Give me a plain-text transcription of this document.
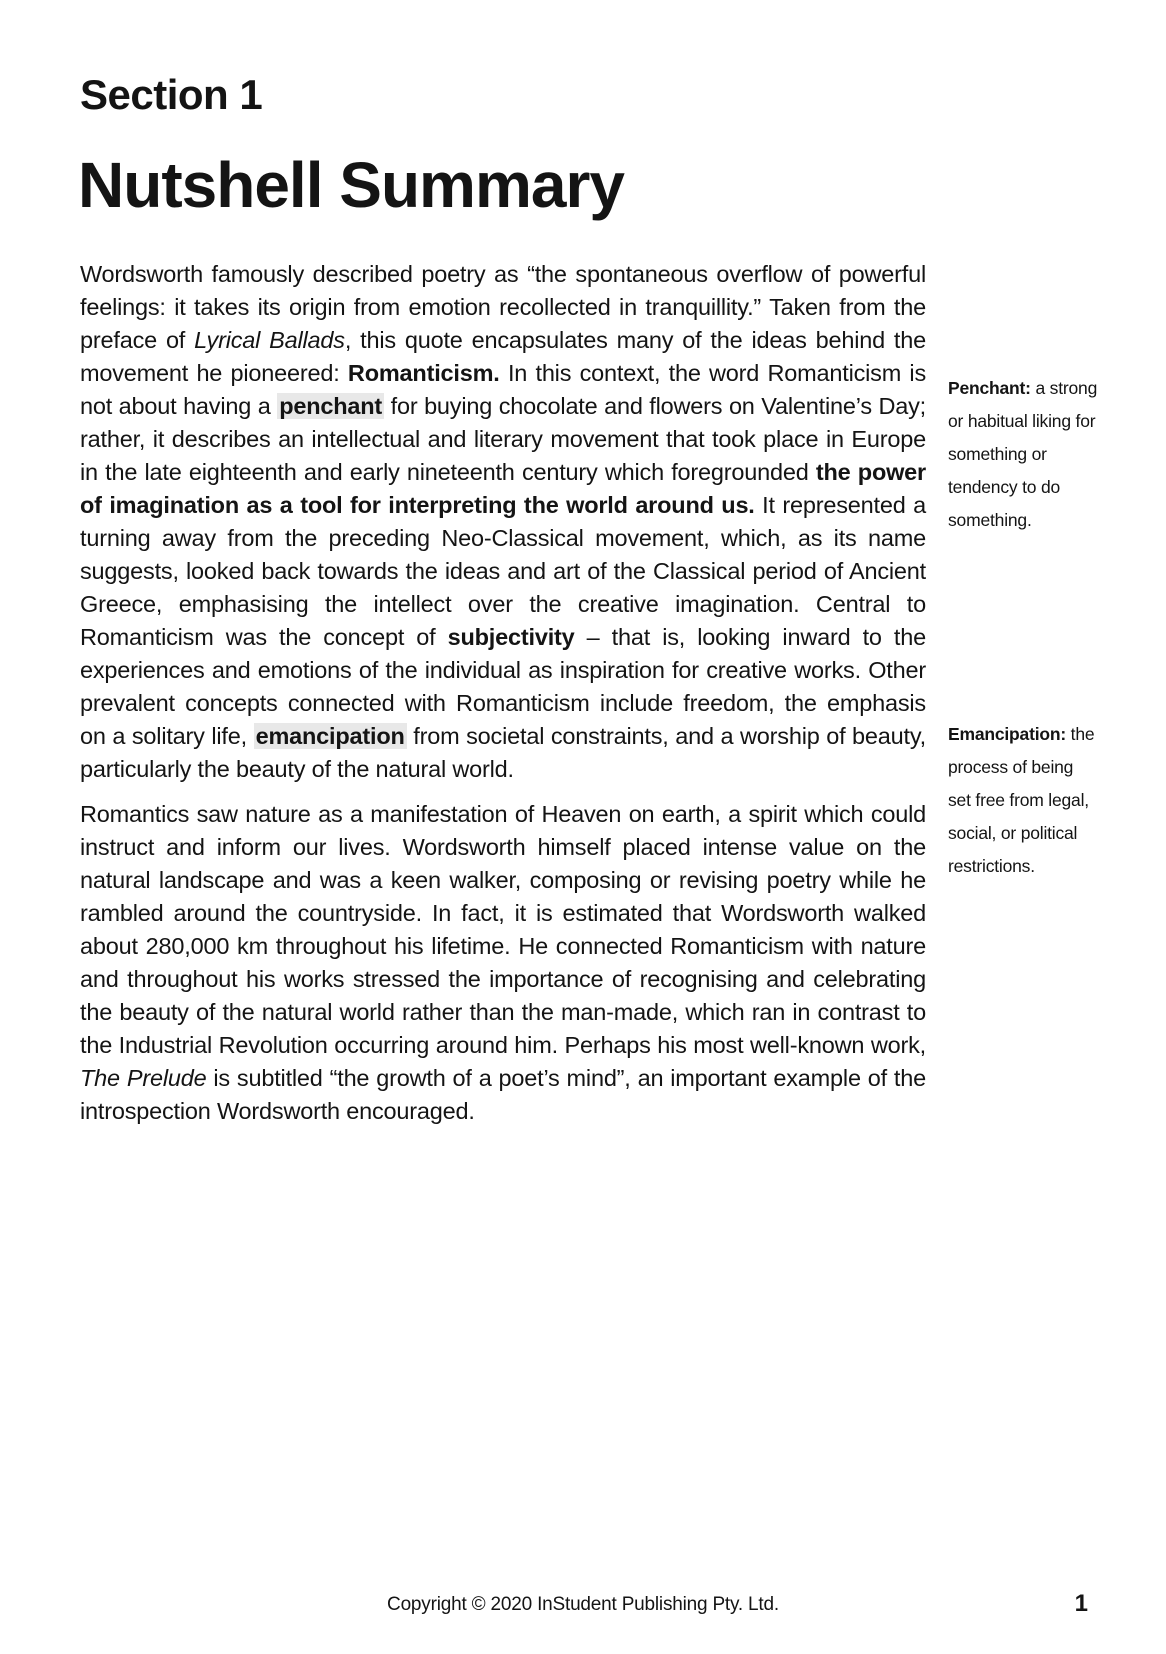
Section 1
Nutshell Summary

Wordsworth famously described poetry as “the spontaneous overflow of powerful feelings: it takes its origin from emotion recollected in tranquillity.” Taken from the preface of Lyrical Ballads, this quote encapsulates many of the ideas behind the movement he pioneered: Romanticism. In this context, the word Romanticism is not about having a penchant for buying chocolate and flowers on Valentine’s Day; rather, it describes an intellectual and literary movement that took place in Europe in the late eighteenth and early nineteenth century which foregrounded the power of imagination as a tool for interpreting the world around us. It represented a turning away from the preceding Neo-Classical movement, which, as its name suggests, looked back towards the ideas and art of the Classical period of Ancient Greece, emphasising the intellect over the creative imagination. Central to Romanticism was the concept of subjectivity – that is, looking inward to the experiences and emotions of the individual as inspiration for creative works. Other prevalent concepts connected with Romanticism include freedom, the emphasis on a solitary life, emancipation from societal constraints, and a worship of beauty, particularly the beauty of the natural world.

Romantics saw nature as a manifestation of Heaven on earth, a spirit which could instruct and inform our lives. Wordsworth himself placed intense value on the natural landscape and was a keen walker, composing or revising poetry while he rambled around the countryside. In fact, it is estimated that Wordsworth walked about 280,000 km throughout his lifetime. He connected Romanticism with nature and throughout his works stressed the importance of recognising and celebrating the beauty of the natural world rather than the man-made, which ran in contrast to the Industrial Revolution occurring around him. Perhaps his most well-known work, The Prelude is subtitled “the growth of a poet’s mind”, an important example of the introspection Wordsworth encouraged.

Penchant: a strong or habitual liking for something or tendency to do something.
Emancipation: the process of being set free from legal, social, or political restrictions.
Copyright © 2020 InStudent Publishing Pty. Ltd.	1
